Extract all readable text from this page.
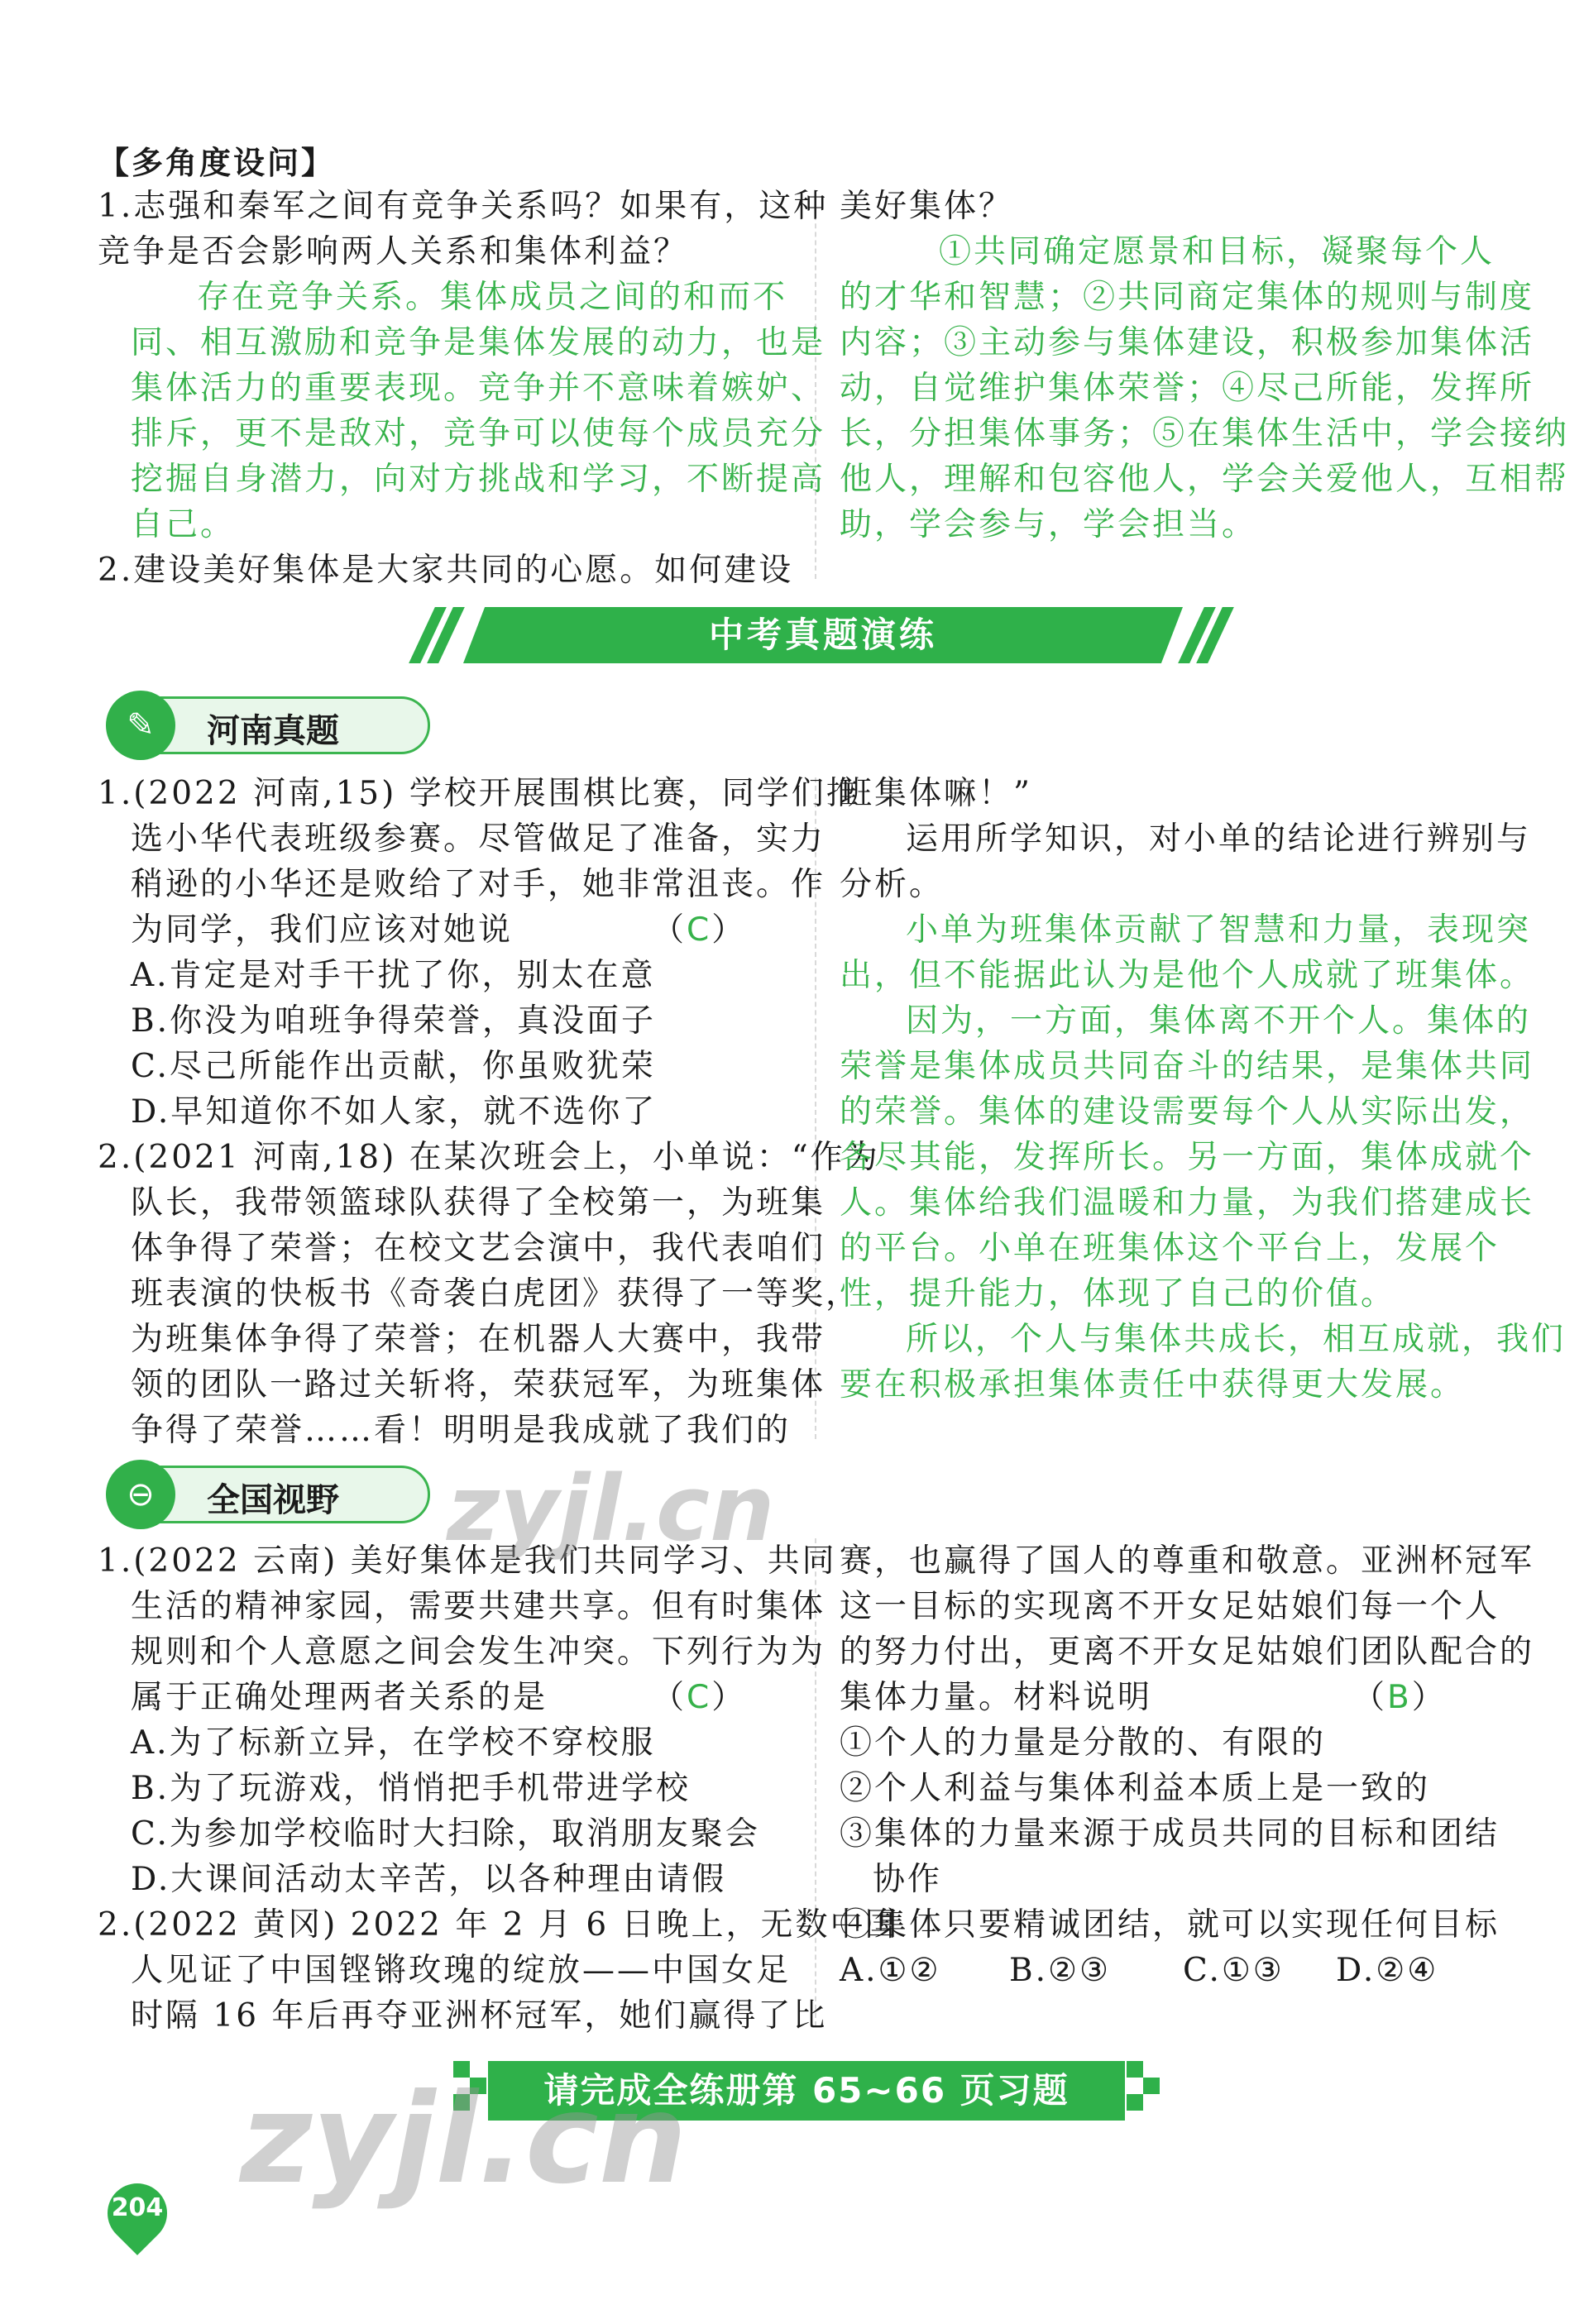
【多角度设问】
1.志强和秦军之间有竞争关系吗？如果有，这种
竞争是否会影响两人关系和集体利益？
存在竞争关系。集体成员之间的和而不
同、相互激励和竞争是集体发展的动力，也是
集体活力的重要表现。竞争并不意味着嫉妒、
排斥，更不是敌对，竞争可以使每个成员充分
挖掘自身潜力，向对方挑战和学习，不断提高
自己。
2.建设美好集体是大家共同的心愿。如何建设
美好集体？
①共同确定愿景和目标，凝聚每个人
的才华和智慧；②共同商定集体的规则与制度
内容；③主动参与集体建设，积极参加集体活
动，自觉维护集体荣誉；④尽己所能，发挥所
长，分担集体事务；⑤在集体生活中，学会接纳
他人，理解和包容他人，学会关爱他人，互相帮
助，学会参与，学会担当。
中考真题演练
✎	河南真题
1.(2022 河南,15) 学校开展围棋比赛，同学们推
选小华代表班级参赛。尽管做足了准备，实力
稍逊的小华还是败给了对手，她非常沮丧。作
为同学，我们应该对她说	（C）
A.肯定是对手干扰了你，别太在意
B.你没为咱班争得荣誉，真没面子
C.尽己所能作出贡献，你虽败犹荣
D.早知道你不如人家，就不选你了
2.(2021 河南,18) 在某次班会上，小单说：“作为
队长，我带领篮球队获得了全校第一，为班集
体争得了荣誉；在校文艺会演中，我代表咱们
班表演的快板书《奇袭白虎团》获得了一等奖，
为班集体争得了荣誉；在机器人大赛中，我带
领的团队一路过关斩将，荣获冠军，为班集体
争得了荣誉……看！明明是我成就了我们的
班集体嘛！”
运用所学知识，对小单的结论进行辨别与
分析。
小单为班集体贡献了智慧和力量，表现突
出，但不能据此认为是他个人成就了班集体。
因为，一方面，集体离不开个人。集体的
荣誉是集体成员共同奋斗的结果，是集体共同
的荣誉。集体的建设需要每个人从实际出发，
各尽其能，发挥所长。另一方面，集体成就个
人。集体给我们温暖和力量，为我们搭建成长
的平台。小单在班集体这个平台上，发展个
性，提升能力，体现了自己的价值。
所以，个人与集体共成长，相互成就，我们
要在积极承担集体责任中获得更大发展。
⊖	全国视野
1.(2022 云南) 美好集体是我们共同学习、共同
生活的精神家园，需要共建共享。但有时集体
规则和个人意愿之间会发生冲突。下列行为为
属于正确处理两者关系的是	（C）
A.为了标新立异，在学校不穿校服
B.为了玩游戏，悄悄把手机带进学校
C.为参加学校临时大扫除，取消朋友聚会
D.大课间活动太辛苦，以各种理由请假
2.(2022 黄冈) 2022 年 2 月 6 日晚上，无数中国
人见证了中国铿锵玫瑰的绽放——中国女足
时隔 16 年后再夺亚洲杯冠军，她们赢得了比
赛，也赢得了国人的尊重和敬意。亚洲杯冠军
这一目标的实现离不开女足姑娘们每一个人
的努力付出，更离不开女足姑娘们团队配合的
集体力量。材料说明	（B）
①个人的力量是分散的、有限的
②个人利益与集体利益本质上是一致的
③集体的力量来源于成员共同的目标和团结
协作
④集体只要精诚团结，就可以实现任何目标
A.①② B.②③ C.①③ D.②④
请完成全练册第 65~66 页习题
204
zyjl.cn
zyjl.cn
